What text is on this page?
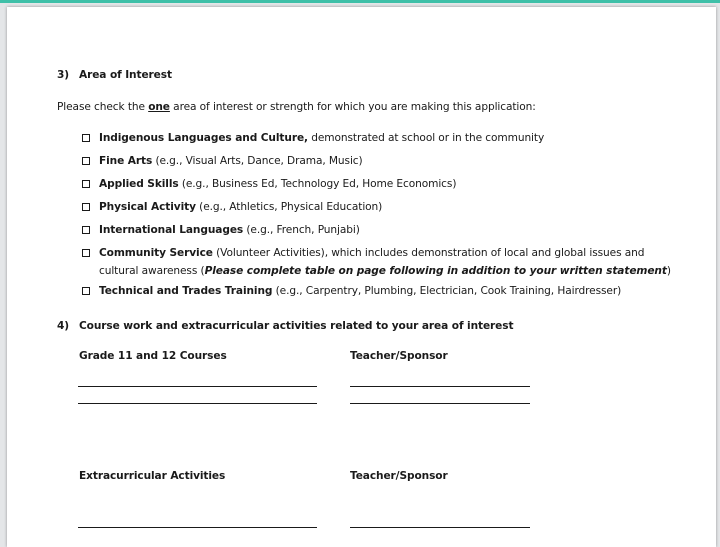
3) Area of Interest
Please check the one area of interest or strength for which you are making this application:
Indigenous Languages and Culture, demonstrated at school or in the community
Fine Arts (e.g., Visual Arts, Dance, Drama, Music)
Applied Skills (e.g., Business Ed, Technology Ed, Home Economics)
Physical Activity (e.g., Athletics, Physical Education)
International Languages (e.g., French, Punjabi)
Community Service (Volunteer Activities), which includes demonstration of local and global issues and
cultural awareness (Please complete table on page following in addition to your written statement)
Technical and Trades Training (e.g., Carpentry, Plumbing, Electrician, Cook Training, Hairdresser)
4) Course work and extracurricular activities related to your area of interest
Grade 11 and 12 Courses	Teacher/Sponsor
Extracurricular Activities	Teacher/Sponsor
